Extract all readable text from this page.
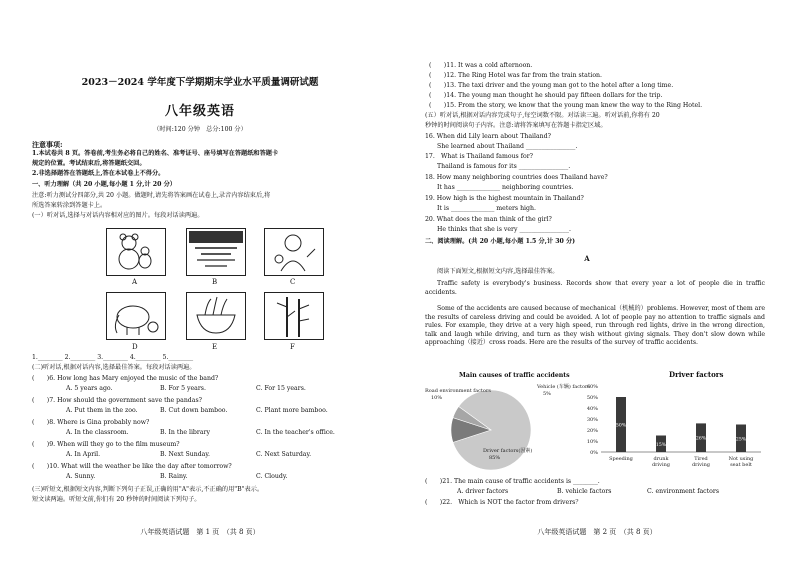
2023－2024 学年度下学期期末学业水平质量调研试题
八年级英语
（时间:120 分钟　总分:100 分）
注意事项:
1.本试卷共 8 页。答卷前,考生务必将自己的姓名、准考证号、座号填写在答题纸和答题卡
规定的位置。考试结束后,将答题纸交回。
2.非选择题答在答题纸上,答在本试卷上不得分。
一、听力理解（共 20 小题,每小题 1 分,计 20 分）
注意:听力测试分四部分,共 20 小题。做题时,请先将答案画在试卷上,录音内容结束后,将
所选答案转涂到答题卡上。
(一）听对话,选择与对话内容相对应的图片。每段对话读两遍。
A	B	C
D	E	F
1.________ 2.________ 3.________ 4.________ 5.________
(二)听对话,根据对话内容,选择最佳答案。每段对话读两遍。
(　　)6. How long has Mary enjoyed the music of the band?
A. 5 years ago.	B. For 5 years.	C. For 15 years.
(　　)7. How should the government save the pandas?
A. Put them in the zoo.	B. Cut down bamboo.	C. Plant more bamboo.
(　　)8. Where is Gina probably now?
A. In the classroom.	B. In the library	C. In the teacher's office.
(　　)9. When will they go to the film museum?
A. In April.	B. Next Sunday.	C. Next Saturday.
(　　)10. What will the weather be like the day after tomorrow?
A. Sunny.	B. Rainy.	C. Cloudy.
(三)听短文,根据短文内容,判断下列句子正误,正确的用"A"表示,不正确的用"B"表示。
短文读两遍。听短文前,你们有 20 秒钟的时间阅读下列句子。
八年级英语试题　第 1 页　（共 8 页）
(　　)11. It was a cold afternoon.
(　　)12. The Ring Hotel was far from the train station.
(　　)13. The taxi driver and the young man got to the hotel after a long time.
(　　)14. The young man thought he should pay fifteen dollars for the trip.
(　　)15. From the story, we know that the young man knew the way to the Ring Hotel.
(五）听对话,根据对话内容完成句子,每空词数不限。对话读三遍。听对话前,你将有 20
秒钟的时间阅读句子内容。注意:请将答案填写在答题卡指定区域。
16. When did Lily learn about Thailand?
She learned about Thailand ________________.
17.　What is Thailand famous for?
Thailand is famous for its ________________.
18. How many neighboring countries does Thailand have?
It has ______________ neighboring countries.
19. How high is the highest mountain in Thailand?
It is ______________ meters high.
20. What does the man think of the girl?
He thinks that she is very ________________.
二、阅读理解。(共 20 小题,每小题 1.5 分,计 30 分)
A
阅读下面短文,根据短文内容,选择最佳答案。
Traffic safety is everybody's business. Records show that every year a lot of people die in traffic accidents.
Some of the accidents are caused because of mechanical（机械的）problems. However, most of them are the results of careless driving and could be avoided. A lot of people pay no attention to traffic signals and rules. For example, they drive at a very high speed, run through red lights, drive in the wrong direction, talk and laugh while driving, and turn as they wish without giving signals. They don't slow down while approaching（接近）cross roads. Here are the results of the survey of traffic accidents.
Main causes of traffic accidents
Driver factors(因素)
85%
Road environment factors
10%
Vehicle (车辆) factors
5%
Driver factors
0%
10%
20%
30%
40%
50%
60%
50%
Speeding
15%
drunk
driving
26%
Tired
driving
25%
Not using
seat belt
(　　)21. The main cause of traffic accidents is ________.
A. driver factors	B. vehicle factors	C. environment factors
(　　)22.　Which is NOT the factor from drivers？
八年级英语试题　第 2 页　（共 8 页）
